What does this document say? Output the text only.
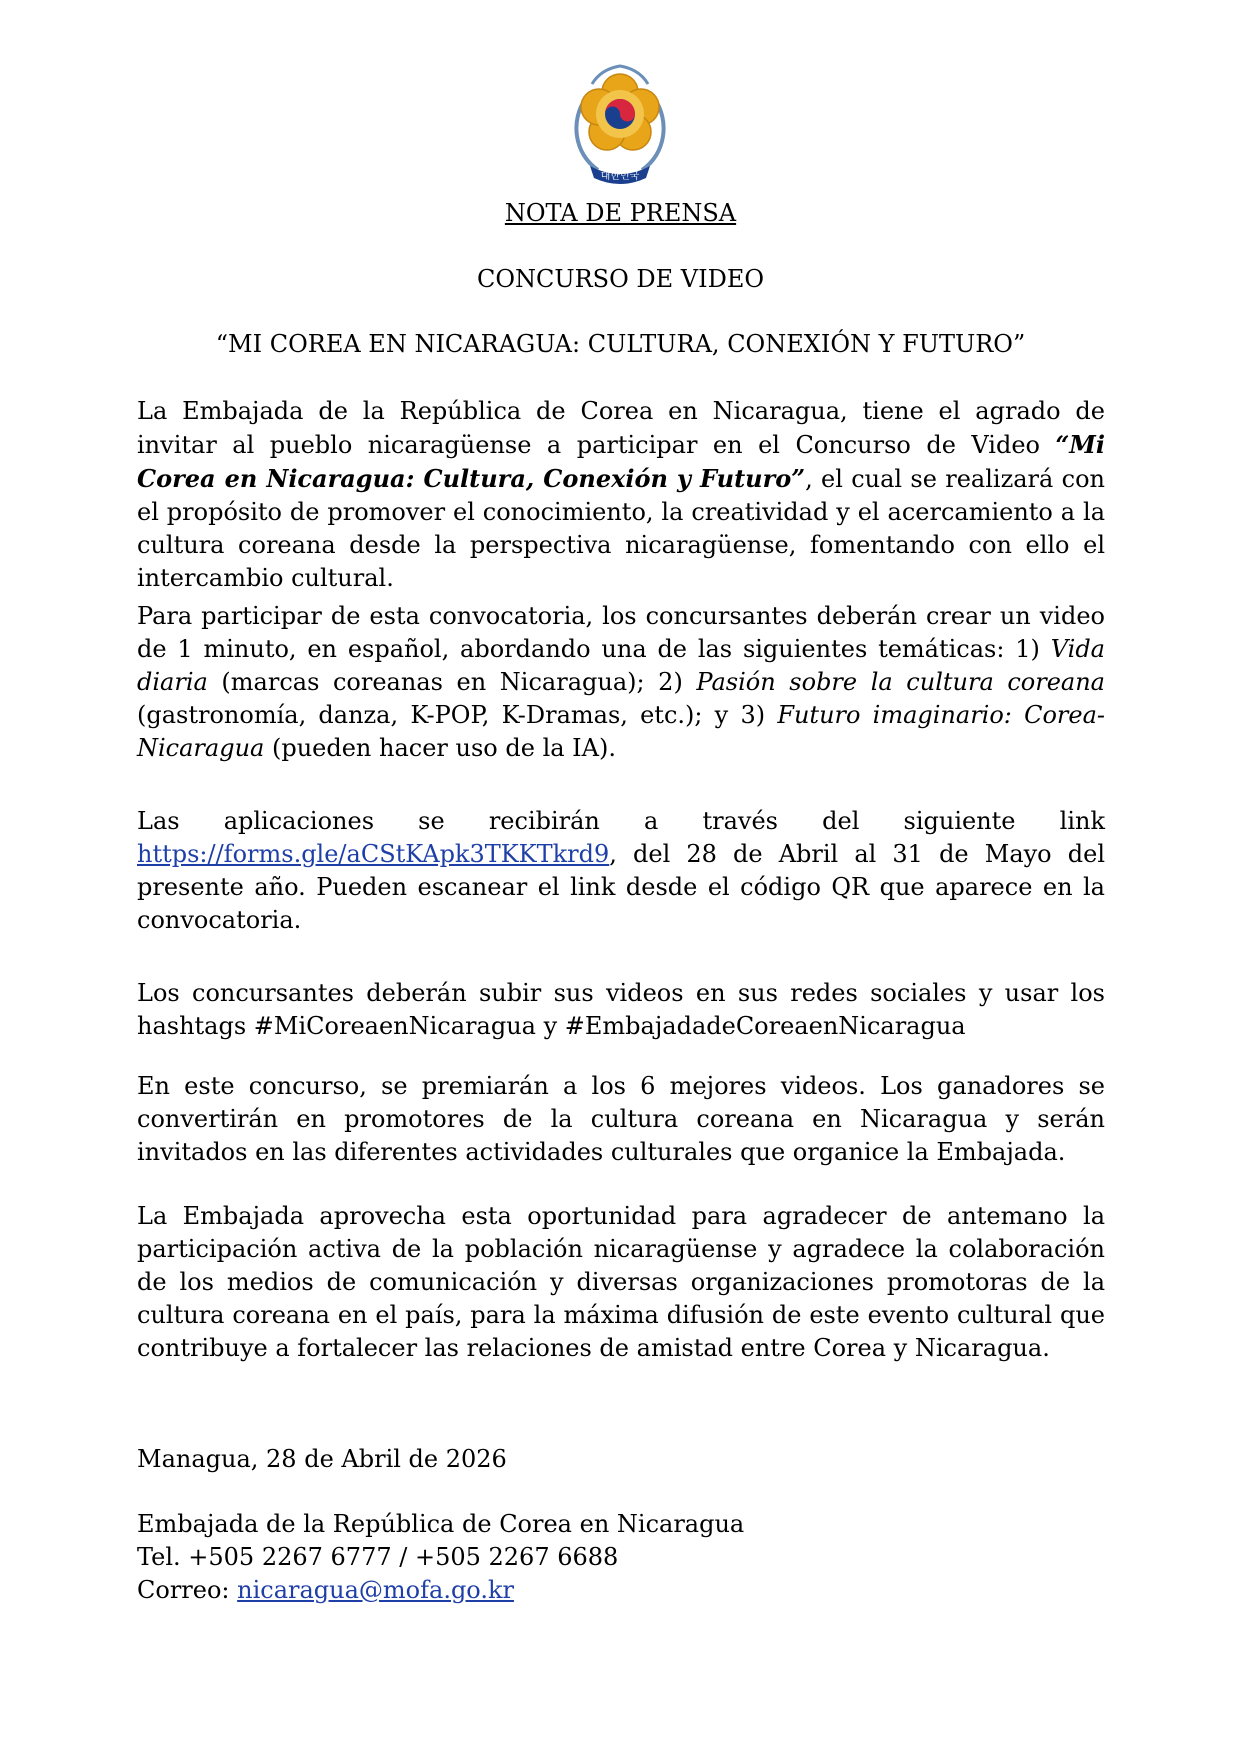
대한민국
NOTA DE PRENSA
CONCURSO DE VIDEO
“MI COREA EN NICARAGUA: CULTURA, CONEXIÓN Y FUTURO”

La Embajada de la República de Corea en Nicaragua, tiene el agrado de invitar al pueblo nicaragüense a participar en el Concurso de Video “Mi Corea en Nicaragua: Cultura, Conexión y Futuro”, el cual se realizará con el propósito de promover el conocimiento, la creatividad y el acercamiento a la cultura coreana desde la perspectiva nicaragüense, fomentando con ello el intercambio cultural.

Para participar de esta convocatoria, los concursantes deberán crear un video de 1 minuto, en español, abordando una de las siguientes temáticas: 1) Vida diaria (marcas coreanas en Nicaragua); 2) Pasión sobre la cultura coreana (gastronomía, danza, K-POP, K-Dramas, etc.); y 3) Futuro imaginario: Corea-Nicaragua (pueden hacer uso de la IA).

Las aplicaciones se recibirán a través del siguiente link https://forms.gle/aCStKApk3TKKTkrd9, del 28 de Abril al 31 de Mayo del presente año. Pueden escanear el link desde el código QR que aparece en la convocatoria.

Los concursantes deberán subir sus videos en sus redes sociales y usar los hashtags #MiCoreaenNicaragua y #EmbajadadeCoreaenNicaragua

En este concurso, se premiarán a los 6 mejores videos. Los ganadores se convertirán en promotores de la cultura coreana en Nicaragua y serán invitados en las diferentes actividades culturales que organice la Embajada.

La Embajada aprovecha esta oportunidad para agradecer de antemano la participación activa de la población nicaragüense y agradece la colaboración de los medios de comunicación y diversas organizaciones promotoras de la cultura coreana en el país, para la máxima difusión de este evento cultural que contribuye a fortalecer las relaciones de amistad entre Corea y Nicaragua.

Managua, 28 de Abril de 2026

Embajada de la República de Corea en Nicaragua
Tel. +505 2267 6777 / +505 2267 6688
Correo: nicaragua@mofa.go.kr
